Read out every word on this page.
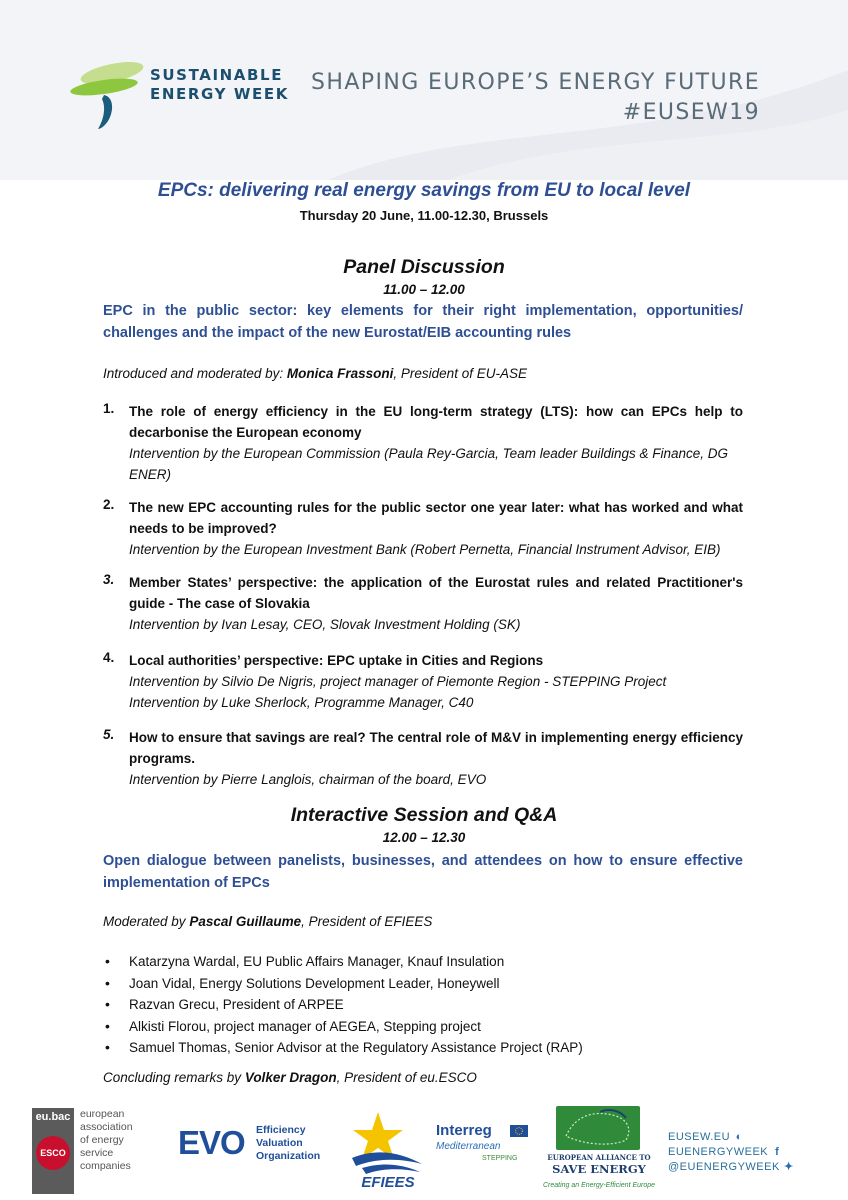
SUSTAINABLE
ENERGY WEEK SHAPING EUROPE’S ENERGY FUTURE
#EUSEW19
EPCs: delivering real energy savings from EU to local level
Thursday 20 June, 11.00-12.30, Brussels
Panel Discussion
11.00 – 12.00
EPC in the public sector: key elements for their right implementation, opportunities/ challenges and the impact of the new Eurostat/EIB accounting rules
Introduced and moderated by: Monica Frassoni, President of EU-ASE
1.	The role of energy efficiency in the EU long-term strategy (LTS): how can EPCs help to decarbonise the European economy
Intervention by the European Commission (Paula Rey-Garcia, Team leader Buildings & Finance, DG ENER)
2.	The new EPC accounting rules for the public sector one year later: what has worked and what needs to be improved?
Intervention by the European Investment Bank (Robert Pernetta, Financial Instrument Advisor, EIB)
3.	Member States’ perspective: the application of the Eurostat rules and related Practitioner's guide - The case of Slovakia
Intervention by Ivan Lesay, CEO, Slovak Investment Holding (SK)
4.	Local authorities’ perspective: EPC uptake in Cities and Regions
Intervention by Silvio De Nigris, project manager of Piemonte Region - STEPPING Project
Intervention by Luke Sherlock, Programme Manager, C40
5.	How to ensure that savings are real? The central role of M&V in implementing energy efficiency programs.
Intervention by Pierre Langlois, chairman of the board, EVO
Interactive Session and Q&A
12.00 – 12.30
Open dialogue between panelists, businesses, and attendees on how to ensure effective implementation of EPCs
Moderated by Pascal Guillaume, President of EFIEES
• Katarzyna Wardal, EU Public Affairs Manager, Knauf Insulation
• Joan Vidal, Energy Solutions Development Leader, Honeywell
• Razvan Grecu, President of ARPEE
• Alkisti Florou, project manager of AEGEA, Stepping project
• Samuel Thomas, Senior Advisor at the Regulatory Assistance Project (RAP)
Concluding remarks by Volker Dragon, President of eu.ESCO
eu.bac
ESCO
european
association
of energy
service
companies
EVO Efficiency
Valuation
Organization
EFIEES
Interreg
Mediterranean
STEPPING	EUROPEAN ALLIANCE TO
SAVE ENERGY
Creating an Energy-Efficient Europe
EUSEW.EU ◐
EUENERGYWEEK f
@EUENERGYWEEK ✦
